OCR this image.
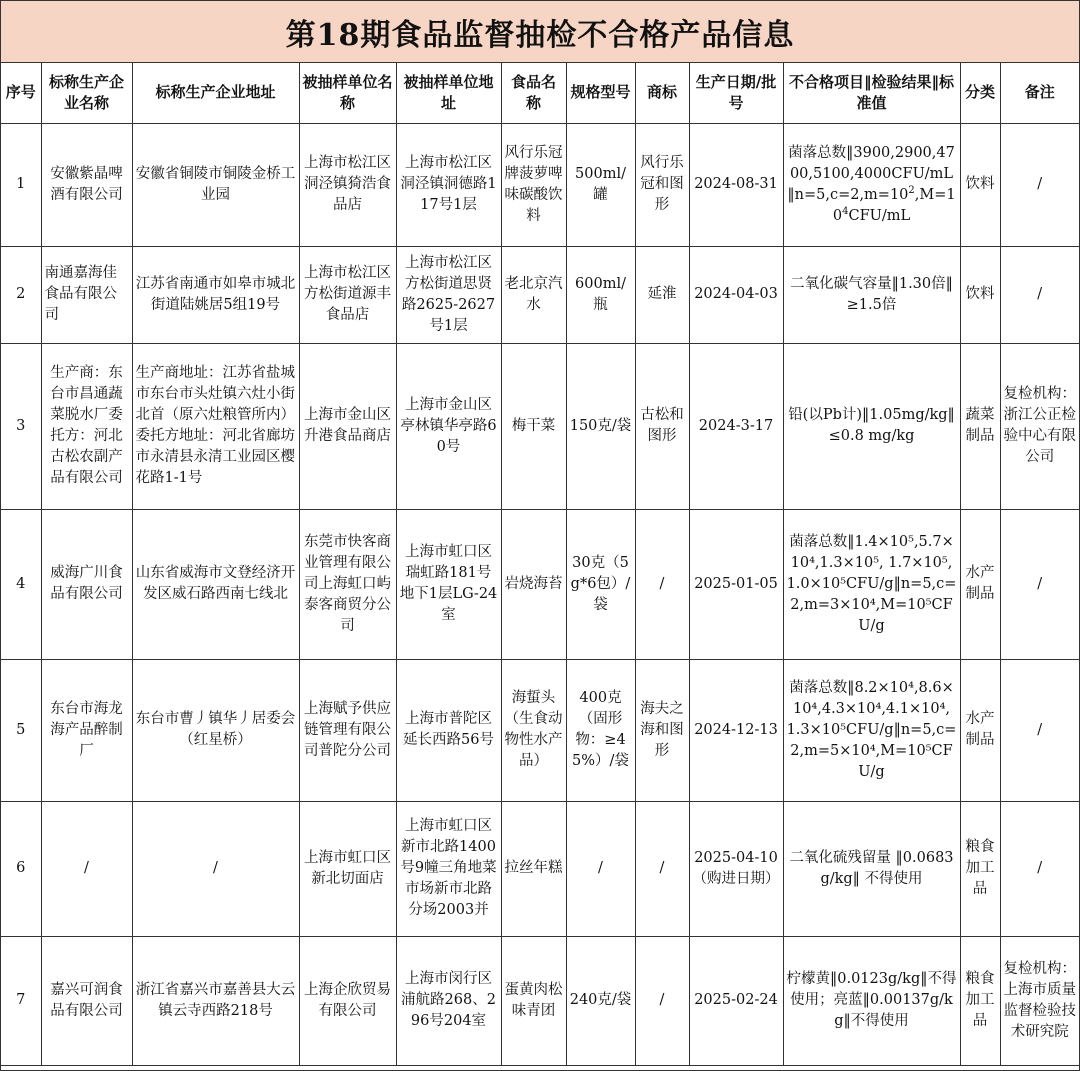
第18期食品监督抽检不合格产品信息
序号	标称生产企业名称	标称生产企业地址	被抽样单位名称	被抽样单位地址	食品名称	规格型号	商标	生产日期/批号	不合格项目‖检验结果‖标准值	分类	备注
1	安徽紫晶啤酒有限公司	安徽省铜陵市铜陵金桥工业园	上海市松江区洞泾镇猗浩食品店	上海市松江区洞泾镇洞德路117号1层	风行乐冠牌菠萝啤味碳酸饮料	500ml/罐	风行乐冠和图形	2024-08-31	菌落总数$‖3900,2900,4700,5100,4000CFU/mL‖n=5,c=2,m=10^2,M=10^4CFU/mL$	饮料	/
2	南通嘉海佳食品有限公司	江苏省南通市如皋市城北街道陆姚居5组19号	上海市松江区方松街道源丰食品店	上海市松江区方松街道思贤路2625-2627号1层	老北京汽水	600ml/瓶	延淮	2024-04-03	二氧化碳气容量‖1.30倍‖≥1.5倍	饮料	/
3	生产商：东台市昌通蔬菜脱水厂委托方：河北古松农副产品有限公司	生产商地址：江苏省盐城市东台市头灶镇六灶小街北首（原六灶粮管所内）委托方地址：河北省廊坊市永清县永清工业园区樱花路1-1号	上海市金山区升港食品商店	上海市金山区亭林镇华亭路60号	梅干菜	150克/袋	古松和图形	2024-3-17	铅(以Pb计)‖1.05mg/kg‖≤0.8 mg/kg	蔬菜制品	复检机构：浙江公正检验中心有限公司
4	威海广川食品有限公司	山东省威海市文登经济开发区威石路西南七线北	东莞市快客商业管理有限公司上海虹口屿泰客商贸分公司	上海市虹口区瑞虹路181号地下1层LG-24室	岩烧海苔	30克（5g*6包）/袋	/	2025-01-05	菌落总数‖1.4×10⁵,5.7×10⁴,1.3×10⁵, 1.7×10⁵,1.0×10⁵CFU/g‖n=5,c=2,m=3×10⁴,M=10⁵CFU/g	水产制品	/
5	东台市海龙海产品醉制厂	东台市曹丿镇华丿居委会（红星桥）	上海赋予供应链管理有限公司普陀分公司	上海市普陀区延长西路56号	海蜇头（生食动物性水产品）	400克（固形物：≥45%）/袋	海夫之海和图形	2024-12-13	菌落总数‖8.2×10⁴,8.6×10⁴,4.3×10⁴,4.1×10⁴,1.3×10⁵CFU/g‖n=5,c=2,m=5×10⁴,M=10⁵CFU/g	水产制品	/
6	/	/	上海市虹口区新北切面店	上海市虹口区新市北路1400号9幢三角地菜市场新市北路分场2003并	拉丝年糕	/	/	2025-04-10（购进日期）	二氧化硫残留量 ‖0.0683g/kg‖ 不得使用	粮食加工品	/
7	嘉兴可润食品有限公司	浙江省嘉兴市嘉善县大云镇云寺西路218号	上海企欣贸易有限公司	上海市闵行区浦航路268、296号204室	蛋黄肉松味青团	240克/袋	/	2025-02-24	柠檬黄‖0.0123g/kg‖不得使用；亮蓝‖0.00137g/kg‖不得使用	粮食加工品	复检机构：上海市质量监督检验技术研究院
